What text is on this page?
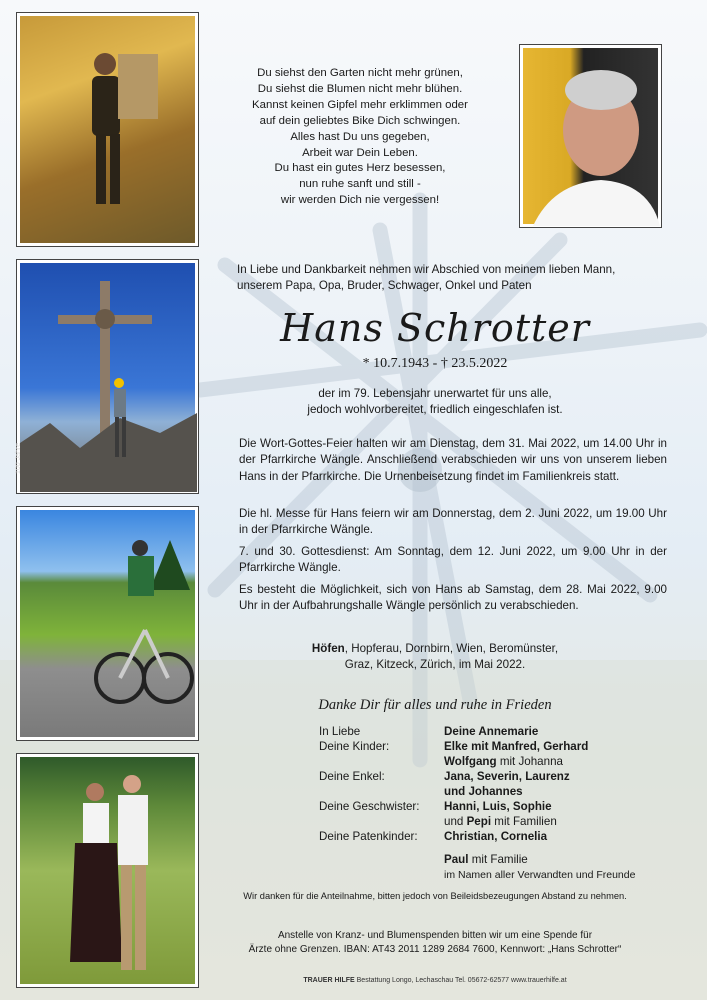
100 Jahre
Du siehst den Garten nicht mehr grünen,
Du siehst die Blumen nicht mehr blühen.
Kannst keinen Gipfel mehr erklimmen oder
auf dein geliebtes Bike Dich schwingen.
Alles hast Du uns gegeben,
Arbeit war Dein Leben.
Du hast ein gutes Herz besessen,
nun ruhe sanft und still -
wir werden Dich nie vergessen!
In Liebe und Dankbarkeit nehmen wir Abschied von meinem lieben Mann,
unserem Papa, Opa, Bruder, Schwager, Onkel und Paten
Hans Schrotter
* 10.7.1943 - † 23.5.2022
der im 79. Lebensjahr unerwartet für uns alle,
jedoch wohlvorbereitet, friedlich eingeschlafen ist.
Die Wort-Gottes-Feier halten wir am Dienstag, dem 31. Mai 2022, um 14.00 Uhr in der Pfarrkirche Wängle. Anschließend verabschieden wir uns von unserem lieben Hans in der Pfarrkirche. Die Urnenbeisetzung findet im Familienkreis statt.
Die hl. Messe für Hans feiern wir am Donnerstag, dem 2. Juni 2022, um 19.00 Uhr in der Pfarrkirche Wängle.
7. und 30. Gottesdienst: Am Sonntag, dem 12. Juni 2022, um 9.00 Uhr in der Pfarrkirche Wängle.
Es besteht die Möglichkeit, sich von Hans ab Samstag, dem 28. Mai 2022, 9.00 Uhr in der Aufbahrungshalle Wängle persönlich zu verabschieden.
Höfen, Hopferau, Dornbirn, Wien, Beromünster,
Graz, Kitzeck, Zürich, im Mai 2022.
Danke Dir für alles und ruhe in Frieden
In Liebe	Deine Annemarie
Deine Kinder:	Elke mit Manfred, Gerhard
Wolfgang mit Johanna
Deine Enkel:	Jana, Severin, Laurenz
und Johannes
Deine Geschwister: Hanni, Luis, Sophie
und Pepi mit Familien
Deine Patenkinder: Christian, Cornelia
Paul mit Familie
im Namen aller Verwandten und Freunde
Wir danken für die Anteilnahme, bitten jedoch von Beileidsbezeugungen Abstand zu nehmen.
Anstelle von Kranz- und Blumenspenden bitten wir um eine Spende für
Ärzte ohne Grenzen. IBAN: AT43 2011 1289 2684 7600, Kennwort: „Hans Schrotter“
TRAUER HILFE Bestattung Longo, Lechaschau Tel. 05672-62577 www.trauerhilfe.at
